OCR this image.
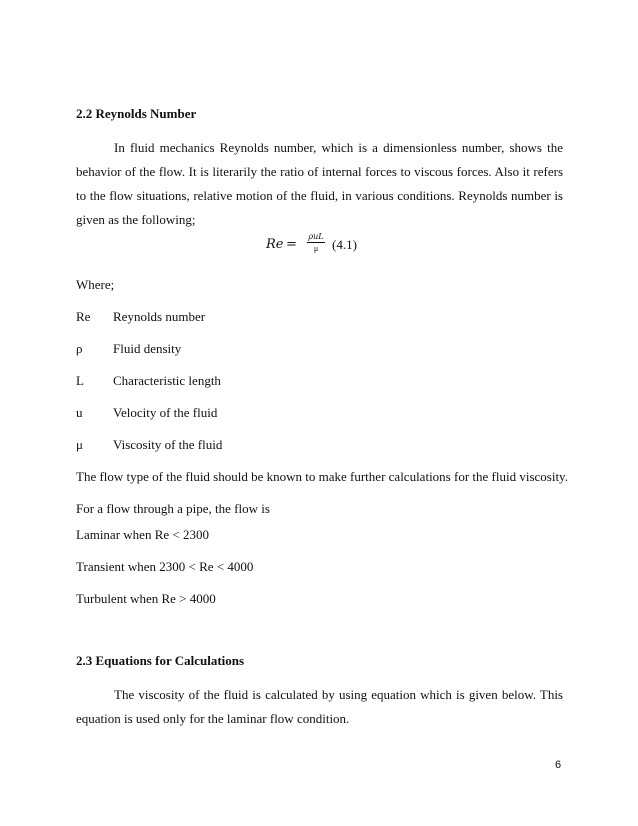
2.2 Reynolds Number
In fluid mechanics Reynolds number, which is a dimensionless number, shows the behavior of the flow. It is literarily the ratio of internal forces to viscous forces. Also it refers to the flow situations, relative motion of the fluid, in various conditions. Reynolds number is given as the following;
Re =
ρuL
μ	(4.1)
Where;
Re	Reynolds number
ρ	Fluid density
L	Characteristic length
u	Velocity of the fluid
μ	Viscosity of the fluid
The flow type of the fluid should be known to make further calculations for the fluid viscosity.
For a flow through a pipe, the flow is
Laminar when Re < 2300
Transient when 2300 < Re < 4000
Turbulent when Re > 4000
2.3 Equations for Calculations
The viscosity of the fluid is calculated by using equation which is given below. This equation is used only for the laminar flow condition.
6
